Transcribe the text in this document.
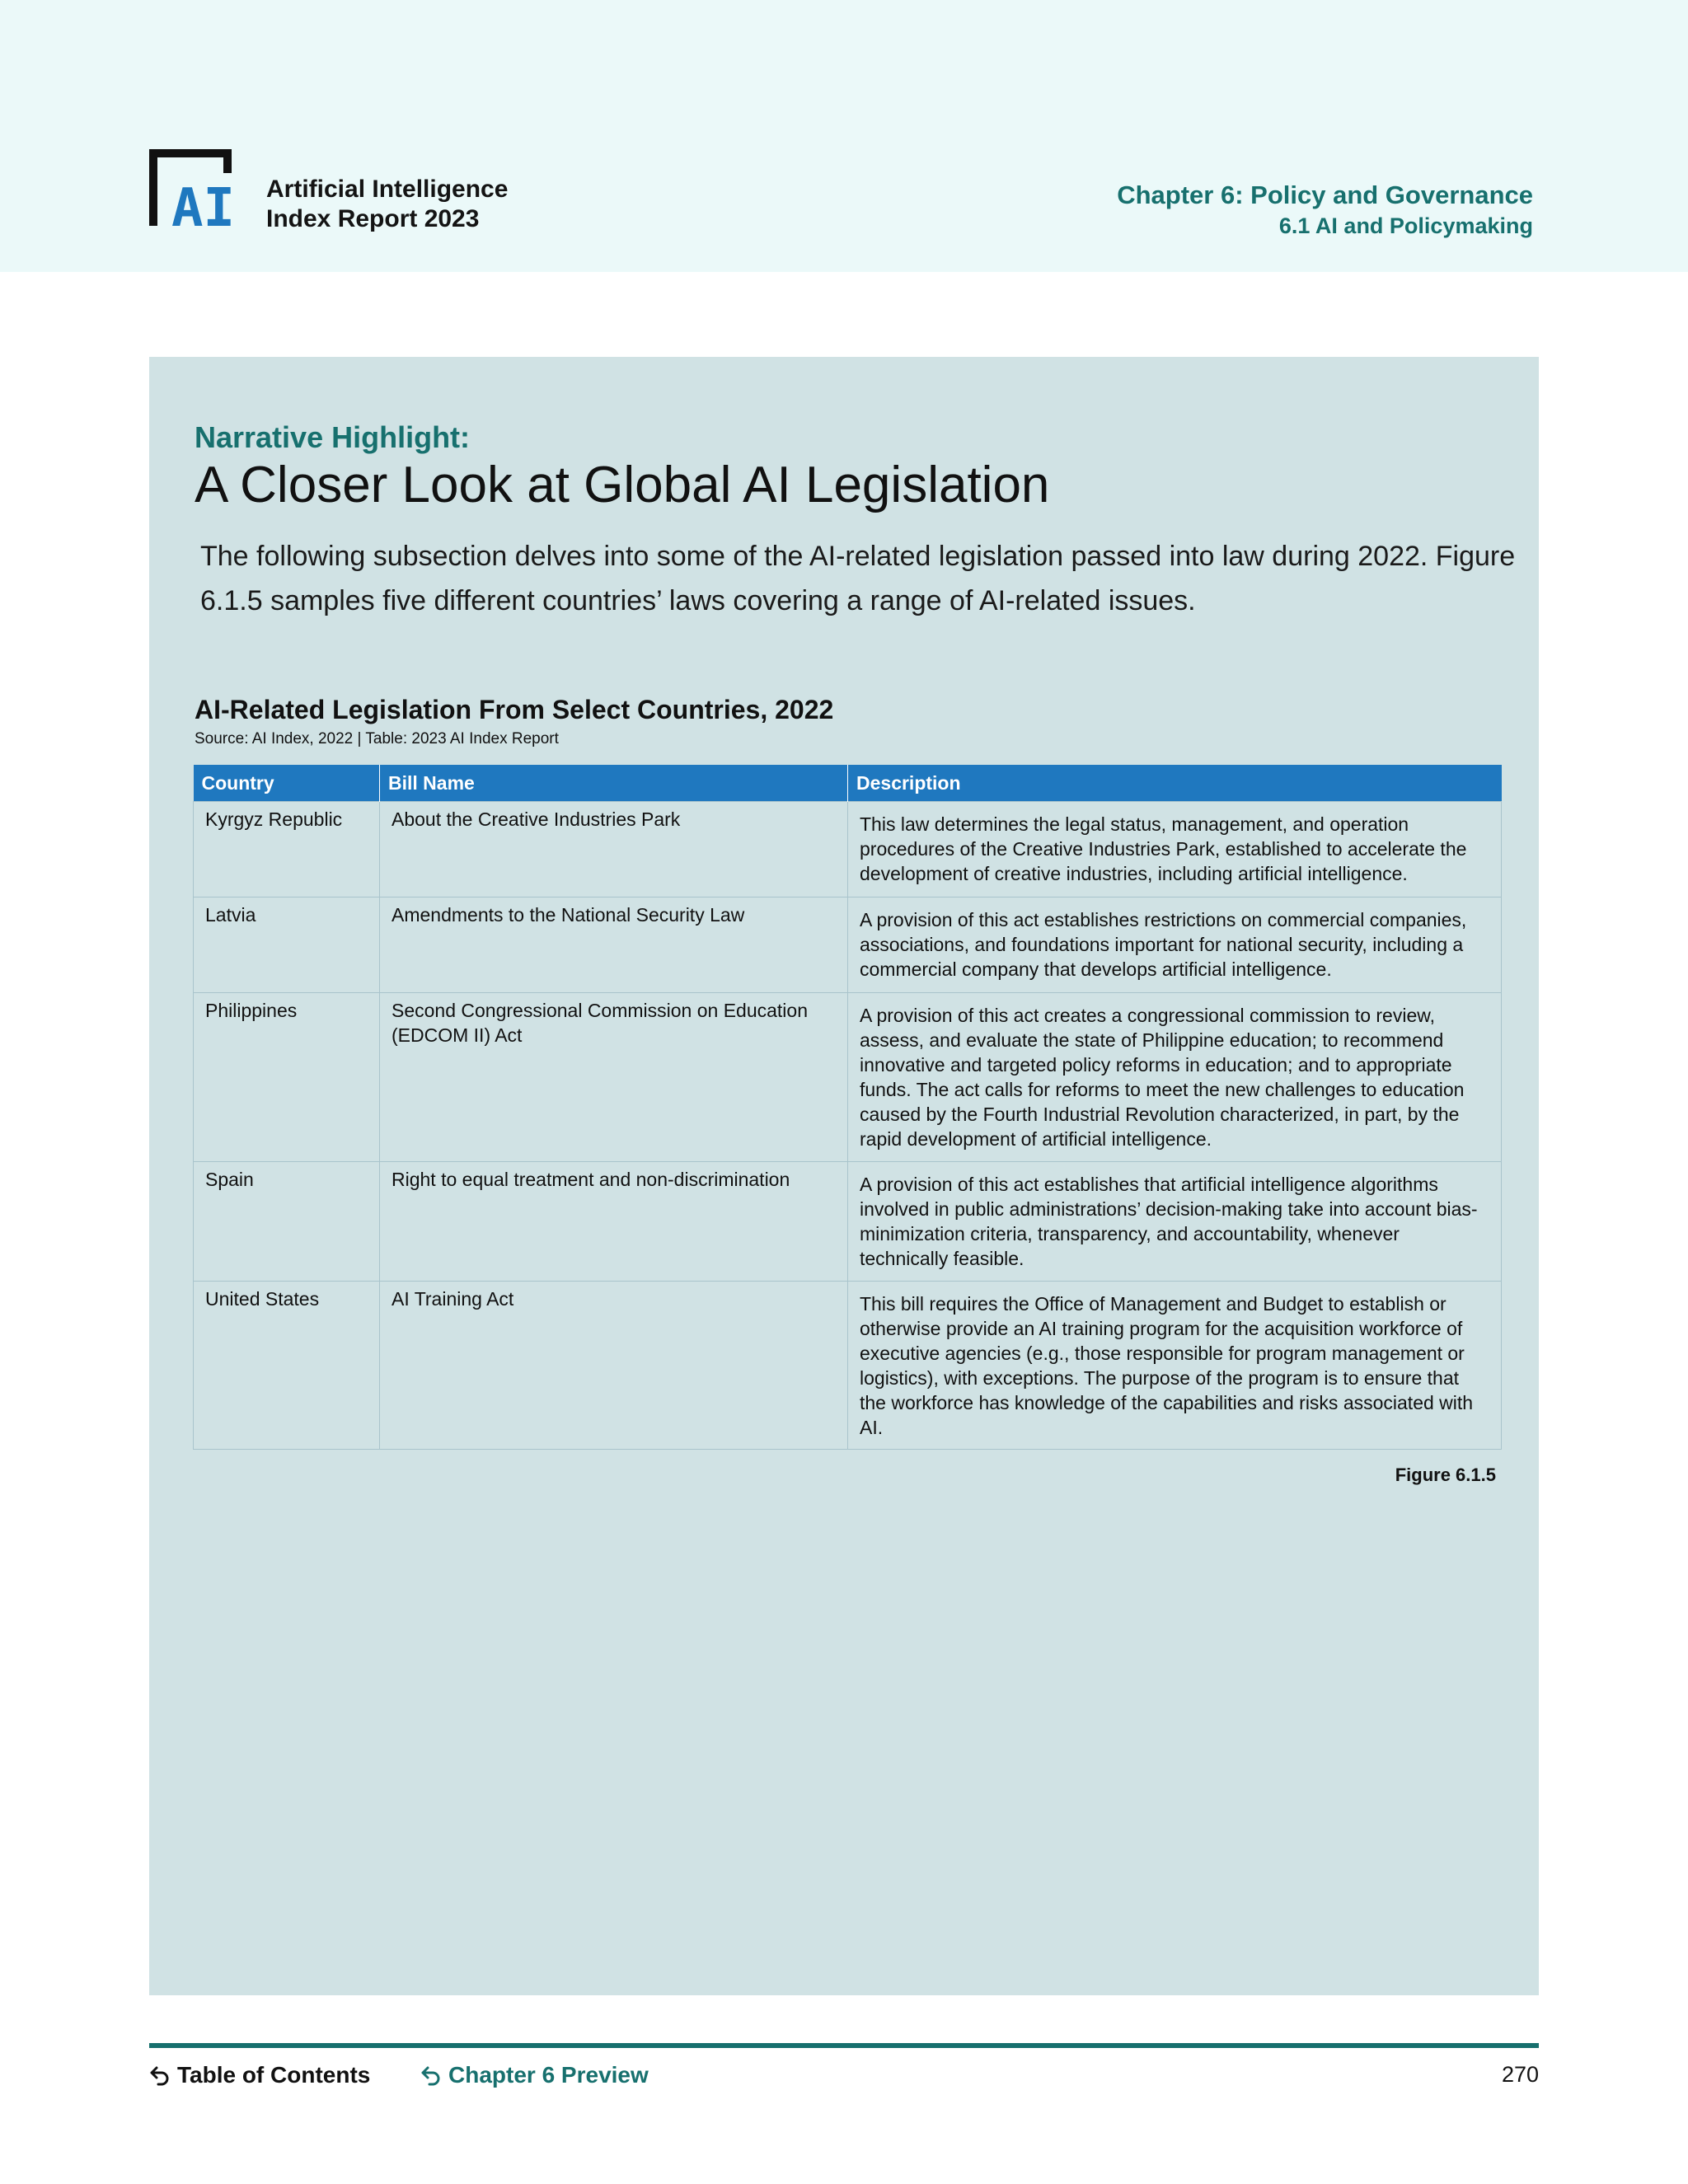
AI Artificial Intelligence
Index Report 2023
Chapter 6: Policy and Governance
6.1 AI and Policymaking
Narrative Highlight:
A Closer Look at Global AI Legislation
The following subsection delves into some of the AI-related legislation passed into law during 2022. Figure 6.1.5 samples five different countries’ laws covering a range of AI-related issues.
AI-Related Legislation From Select Countries, 2022
Source: AI Index, 2022 | Table: 2023 AI Index Report
Country	Bill Name	Description
Kyrgyz Republic	About the Creative Industries Park	This law determines the legal status, management, and operation procedures of the Creative Industries Park, established to accelerate the development of creative industries, including artificial intelligence.
Latvia	Amendments to the National Security Law	A provision of this act establishes restrictions on commercial companies, associations, and foundations important for national security, including a commercial company that develops artificial intelligence.
Philippines	Second Congressional Commission on Education (EDCOM II) Act	A provision of this act creates a congressional commission to review, assess, and evaluate the state of Philippine education; to recommend innovative and targeted policy reforms in education; and to appropriate funds. The act calls for reforms to meet the new challenges to education caused by the Fourth Industrial Revolution characterized, in part, by the rapid development of artificial intelligence.
Spain	Right to equal treatment and non-discrimination	A provision of this act establishes that artificial intelligence algorithms involved in public administrations’ decision-making take into account bias-minimization criteria, transparency, and accountability, whenever technically feasible.
United States	AI Training Act	This bill requires the Office of Management and Budget to establish or otherwise provide an AI training program for the acquisition workforce of executive agencies (e.g., those responsible for program management or logistics), with exceptions. The purpose of the program is to ensure that the workforce has knowledge of the capabilities and risks associated with AI.
Figure 6.1.5
Table of Contents	Chapter 6 Preview	270
